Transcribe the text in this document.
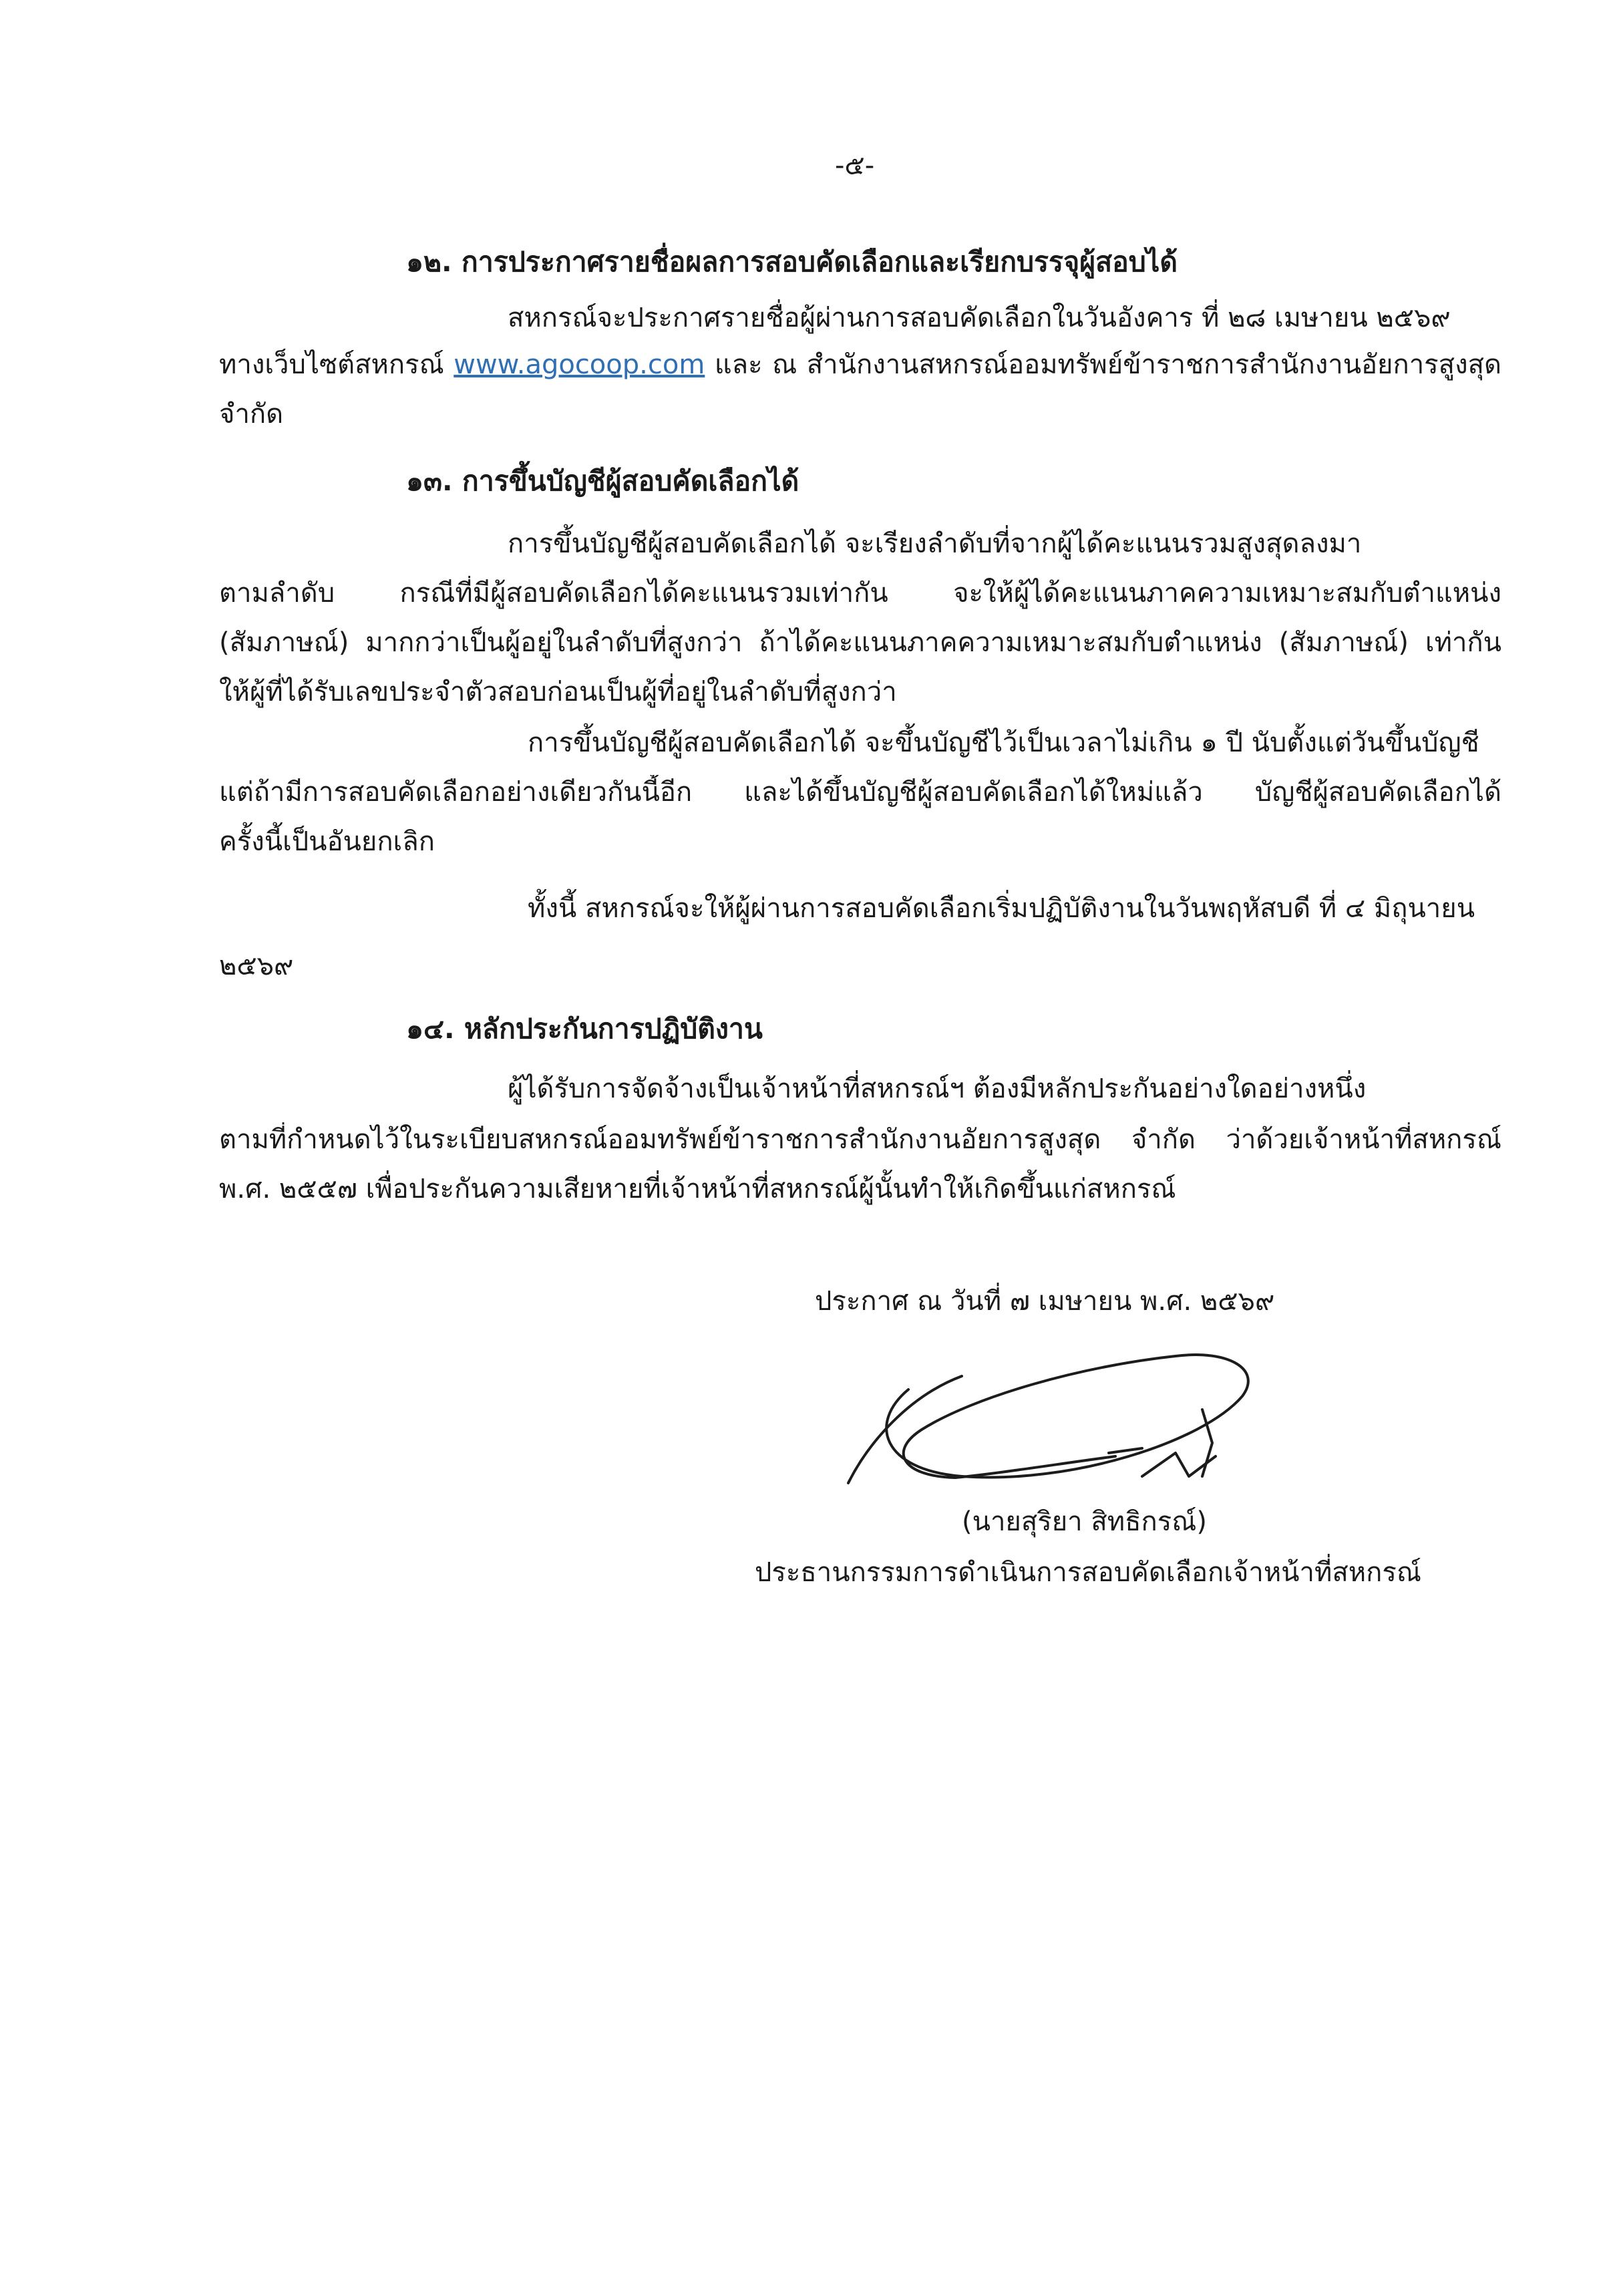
-๕-

๑๒. การประกาศรายชื่อผลการสอบคัดเลือกและเรียกบรรจุผู้สอบได้

สหกรณ์จะประกาศรายชื่อผู้ผ่านการสอบคัดเลือกในวันอังคาร ที่ ๒๘ เมษายน ๒๕๖๙

ทางเว็บไซต์สหกรณ์ www.agocoop.com และ ณ สำนักงานสหกรณ์ออมทรัพย์ข้าราชการสำนักงานอัยการสูงสุด

จำกัด

๑๓. การขึ้นบัญชีผู้สอบคัดเลือกได้

การขึ้นบัญชีผู้สอบคัดเลือกได้ จะเรียงลำดับที่จากผู้ได้คะแนนรวมสูงสุดลงมา

ตามลำดับ กรณีที่มีผู้สอบคัดเลือกได้คะแนนรวมเท่ากัน จะให้ผู้ได้คะแนนภาคความเหมาะสมกับตำแหน่ง

(สัมภาษณ์) มากกว่าเป็นผู้อยู่ในลำดับที่สูงกว่า ถ้าได้คะแนนภาคความเหมาะสมกับตำแหน่ง (สัมภาษณ์) เท่ากัน

ให้ผู้ที่ได้รับเลขประจำตัวสอบก่อนเป็นผู้ที่อยู่ในลำดับที่สูงกว่า

การขึ้นบัญชีผู้สอบคัดเลือกได้ จะขึ้นบัญชีไว้เป็นเวลาไม่เกิน ๑ ปี นับตั้งแต่วันขึ้นบัญชี

แต่ถ้ามีการสอบคัดเลือกอย่างเดียวกันนี้อีก และได้ขึ้นบัญชีผู้สอบคัดเลือกได้ใหม่แล้ว บัญชีผู้สอบคัดเลือกได้

ครั้งนี้เป็นอันยกเลิก

ทั้งนี้ สหกรณ์จะให้ผู้ผ่านการสอบคัดเลือกเริ่มปฏิบัติงานในวันพฤหัสบดี ที่ ๔ มิถุนายน

๒๕๖๙

๑๔. หลักประกันการปฏิบัติงาน

ผู้ได้รับการจัดจ้างเป็นเจ้าหน้าที่สหกรณ์ฯ ต้องมีหลักประกันอย่างใดอย่างหนึ่ง

ตามที่กำหนดไว้ในระเบียบสหกรณ์ออมทรัพย์ข้าราชการสำนักงานอัยการสูงสุด จำกัด ว่าด้วยเจ้าหน้าที่สหกรณ์

พ.ศ. ๒๕๕๗ เพื่อประกันความเสียหายที่เจ้าหน้าที่สหกรณ์ผู้นั้นทำให้เกิดขึ้นแก่สหกรณ์

ประกาศ ณ วันที่ ๗ เมษายน พ.ศ. ๒๕๖๙

(นายสุริยา สิทธิกรณ์)

ประธานกรรมการดำเนินการสอบคัดเลือกเจ้าหน้าที่สหกรณ์
